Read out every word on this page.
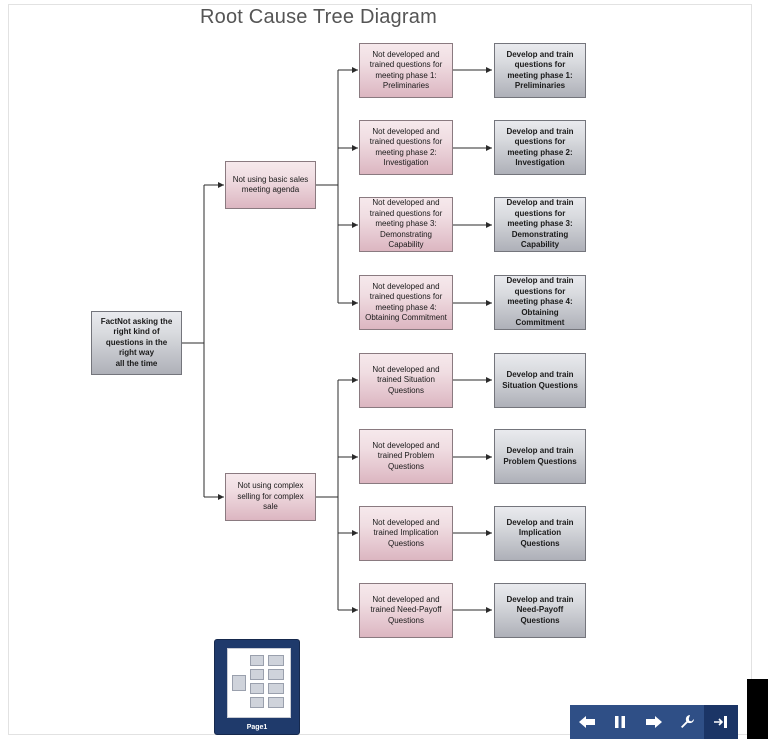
Root Cause Tree Diagram
FactNot asking the
right kind of
questions in the
right way
all the time
Not using basic sales
meeting agenda
Not using complex
selling for complex sale
Not developed and
trained questions for
meeting phase 1:
Preliminaries
Not developed and
trained questions for
meeting phase 2:
Investigation
Not developed and
trained questions for
meeting phase 3:
Demonstrating
Capability
Not developed and
trained questions for
meeting phase 4:
Obtaining Commitment
Not developed and
trained Situation
Questions
Not developed and
trained Problem
Questions
Not developed and
trained Implication
Questions
Not developed and
trained Need-Payoff
Questions
Develop and train
questions for
meeting phase 1:
Preliminaries
Develop and train
questions for
meeting phase 2:
Investigation
Develop and train
questions for
meeting phase 3:
Demonstrating
Capability
Develop and train
questions for
meeting phase 4:
Obtaining
Commitment
Develop and train
Situation Questions
Develop and train
Problem Questions
Develop and train
Implication
Questions
Develop and train
Need-Payoff
Questions
Page1
